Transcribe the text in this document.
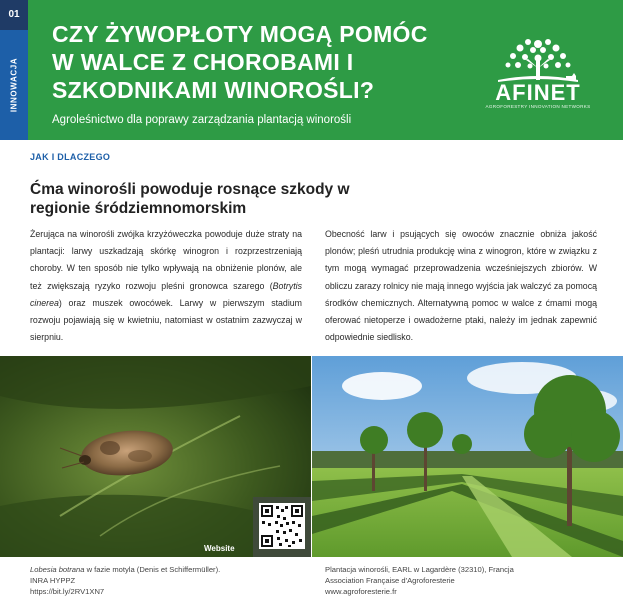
01
INNOWACJA
CZY ŻYWOPŁOTY MOGĄ POMÓC
W WALCE Z CHOROBAMI I
SZKODNIKAMI WINOROŚLI?
Agroleśnictwo dla poprawy zarządzania plantacją winorośli
AFINET
AGROFORESTRY INNOVATION NETWORKS
JAK I DLACZEGO
Ćma winorośli powoduje rosnące szkody w
regionie śródziemnomorskim
Żerująca na winorośli zwójka krzyżóweczka powoduje duże straty na plantacji: larwy uszkadzają skórkę winogron i rozprzestrzeniają choroby. W ten sposób nie tylko wpływają na obniżenie plonów, ale też zwiększają ryzyko rozwoju pleśni gronowca szarego (Botrytis cinerea) oraz muszek owocówek. Larwy w pierwszym stadium rozwoju pojawiają się w kwietniu, natomiast w ostatnim zazwyczaj w sierpniu.
Obecność larw i psujących się owoców znacznie obniża jakość plonów; pleśń utrudnia produkcję wina z winogron, które w związku z tym mogą wymagać przeprowadzenia wcześniejszych zbiorów. W obliczu zarazy rolnicy nie mają innego wyjścia jak walczyć za pomocą środków chemicznych. Alternatywną pomoc w walce z ćmami mogą oferować nietoperze i owadożerne ptaki, należy im jednak zapewnić odpowiednie siedlisko.
Website
Lobesia botrana w fazie motyla (Denis et Schiffermüller).
INRA HYPPZ
https://bit.ly/2RV1XN7
Plantacja winorośli, EARL w Lagardère (32310), Francja
Association Française d'Agroforesterie
www.agroforesterie.fr
